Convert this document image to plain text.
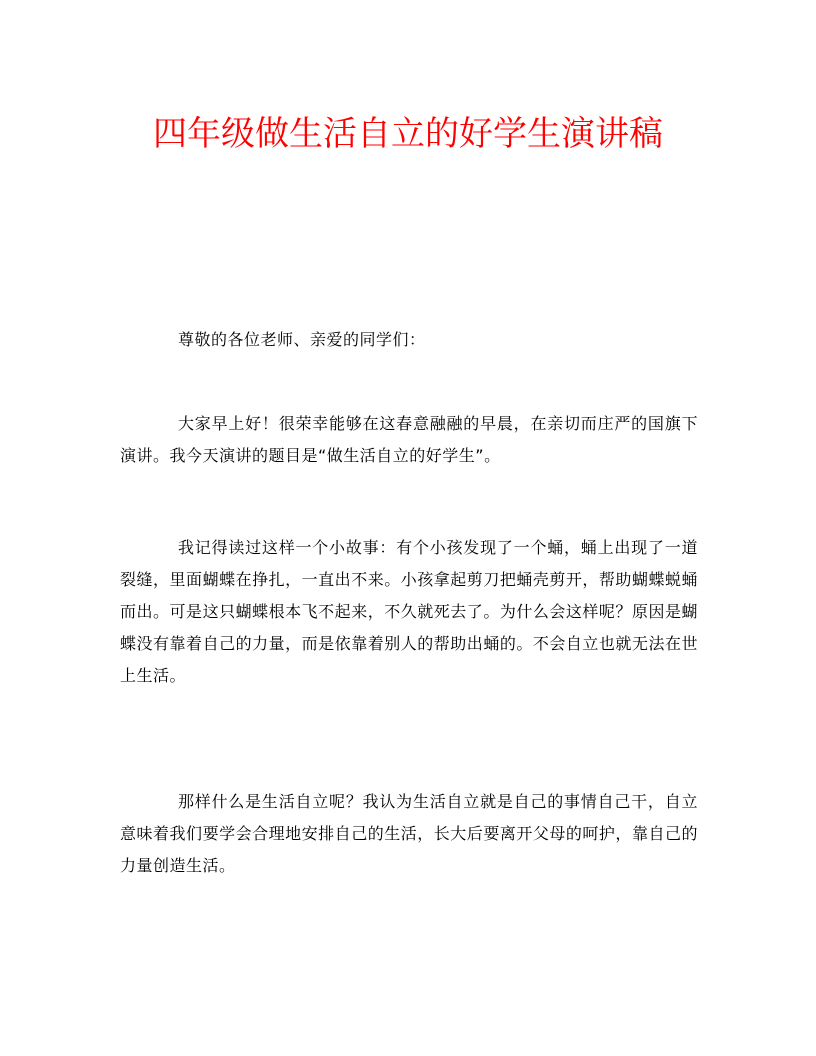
四年级做生活自立的好学生演讲稿
尊敬的各位老师、亲爱的同学们：
大家早上好！很荣幸能够在这春意融融的早晨，在亲切而庄严的国旗下演讲。我今天演讲的题目是“做生活自立的好学生”。
我记得读过这样一个小故事：有个小孩发现了一个蛹，蛹上出现了一道裂缝，里面蝴蝶在挣扎，一直出不来。小孩拿起剪刀把蛹壳剪开，帮助蝴蝶蜕蛹而出。可是这只蝴蝶根本飞不起来，不久就死去了。为什么会这样呢？原因是蝴蝶没有靠着自己的力量，而是依靠着别人的帮助出蛹的。不会自立也就无法在世上生活。
那样什么是生活自立呢？我认为生活自立就是自己的事情自己干，自立意味着我们要学会合理地安排自己的生活，长大后要离开父母的呵护，靠自己的力量创造生活。
